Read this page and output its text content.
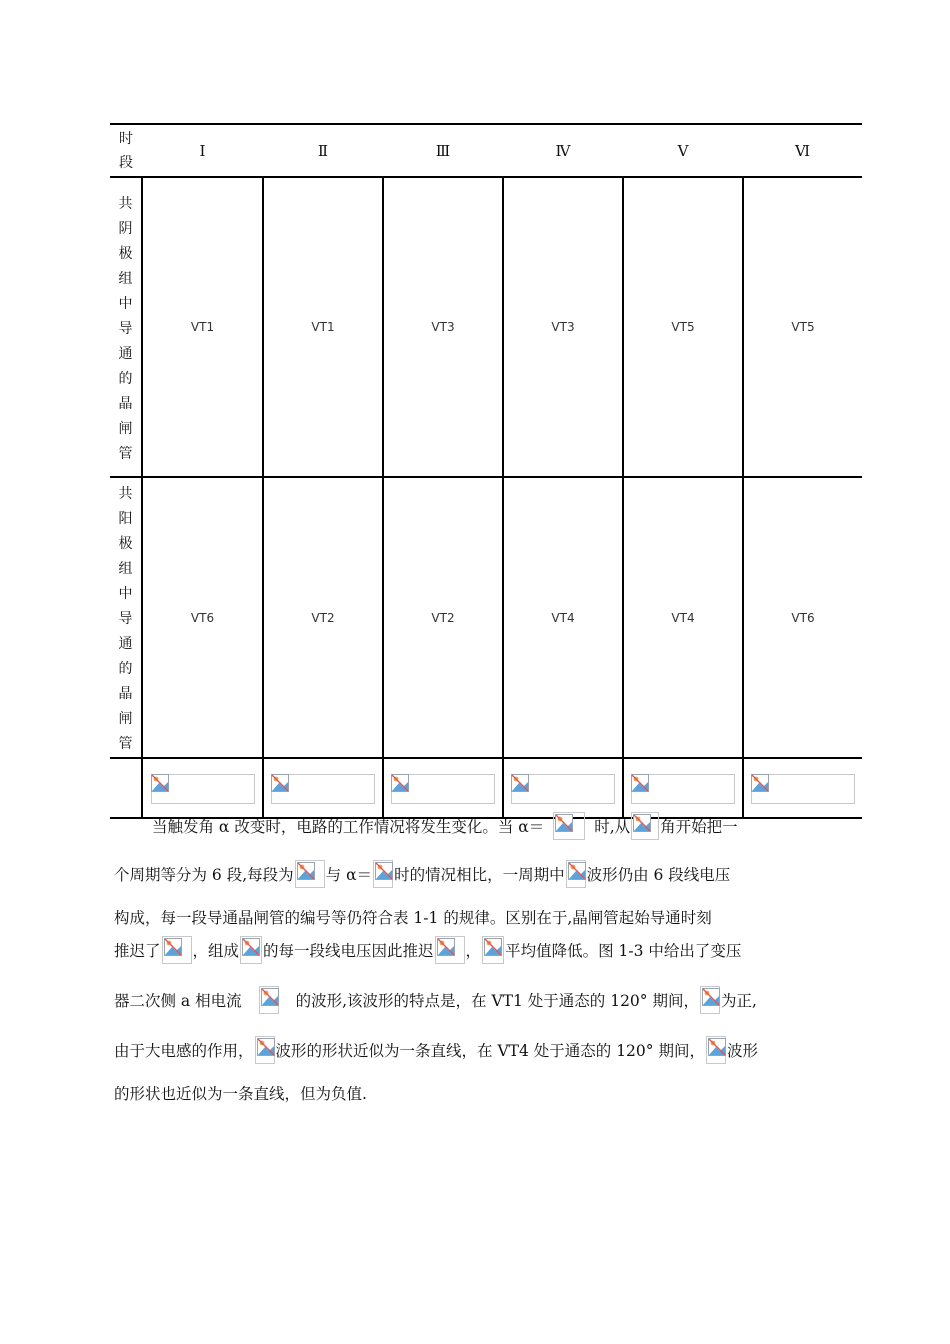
时段	Ⅰ	Ⅱ	Ⅲ	Ⅳ	Ⅴ	Ⅵ
共阴极组中导通的晶闸管	VT1	VT1	VT3	VT3	VT5	VT5
共阳极组中导通的晶闸管	VT6	VT2	VT2	VT4	VT4	VT6

当触发角 α 改变时，电路的工作情况将发生变化。当 α＝	时,从 角开始把一
个周期等分为 6 段,每段为 与 α＝ 时的情况相比，一周期中 波形仍由 6 段线电压
构成，每一段导通晶闸管的编号等仍符合表 1-1 的规律。区别在于,晶闸管起始导通时刻
推迟了 ，组成 的每一段线电压因此推迟 ， 平均值降低。图 1-3 中给出了变压
器二次侧 a 相电流	的波形,该波形的特点是，在 VT1 处于通态的 120° 期间， 为正,
由于大电感的作用， 波形的形状近似为一条直线，在 VT4 处于通态的 120° 期间， 波形
的形状也近似为一条直线，但为负值.
